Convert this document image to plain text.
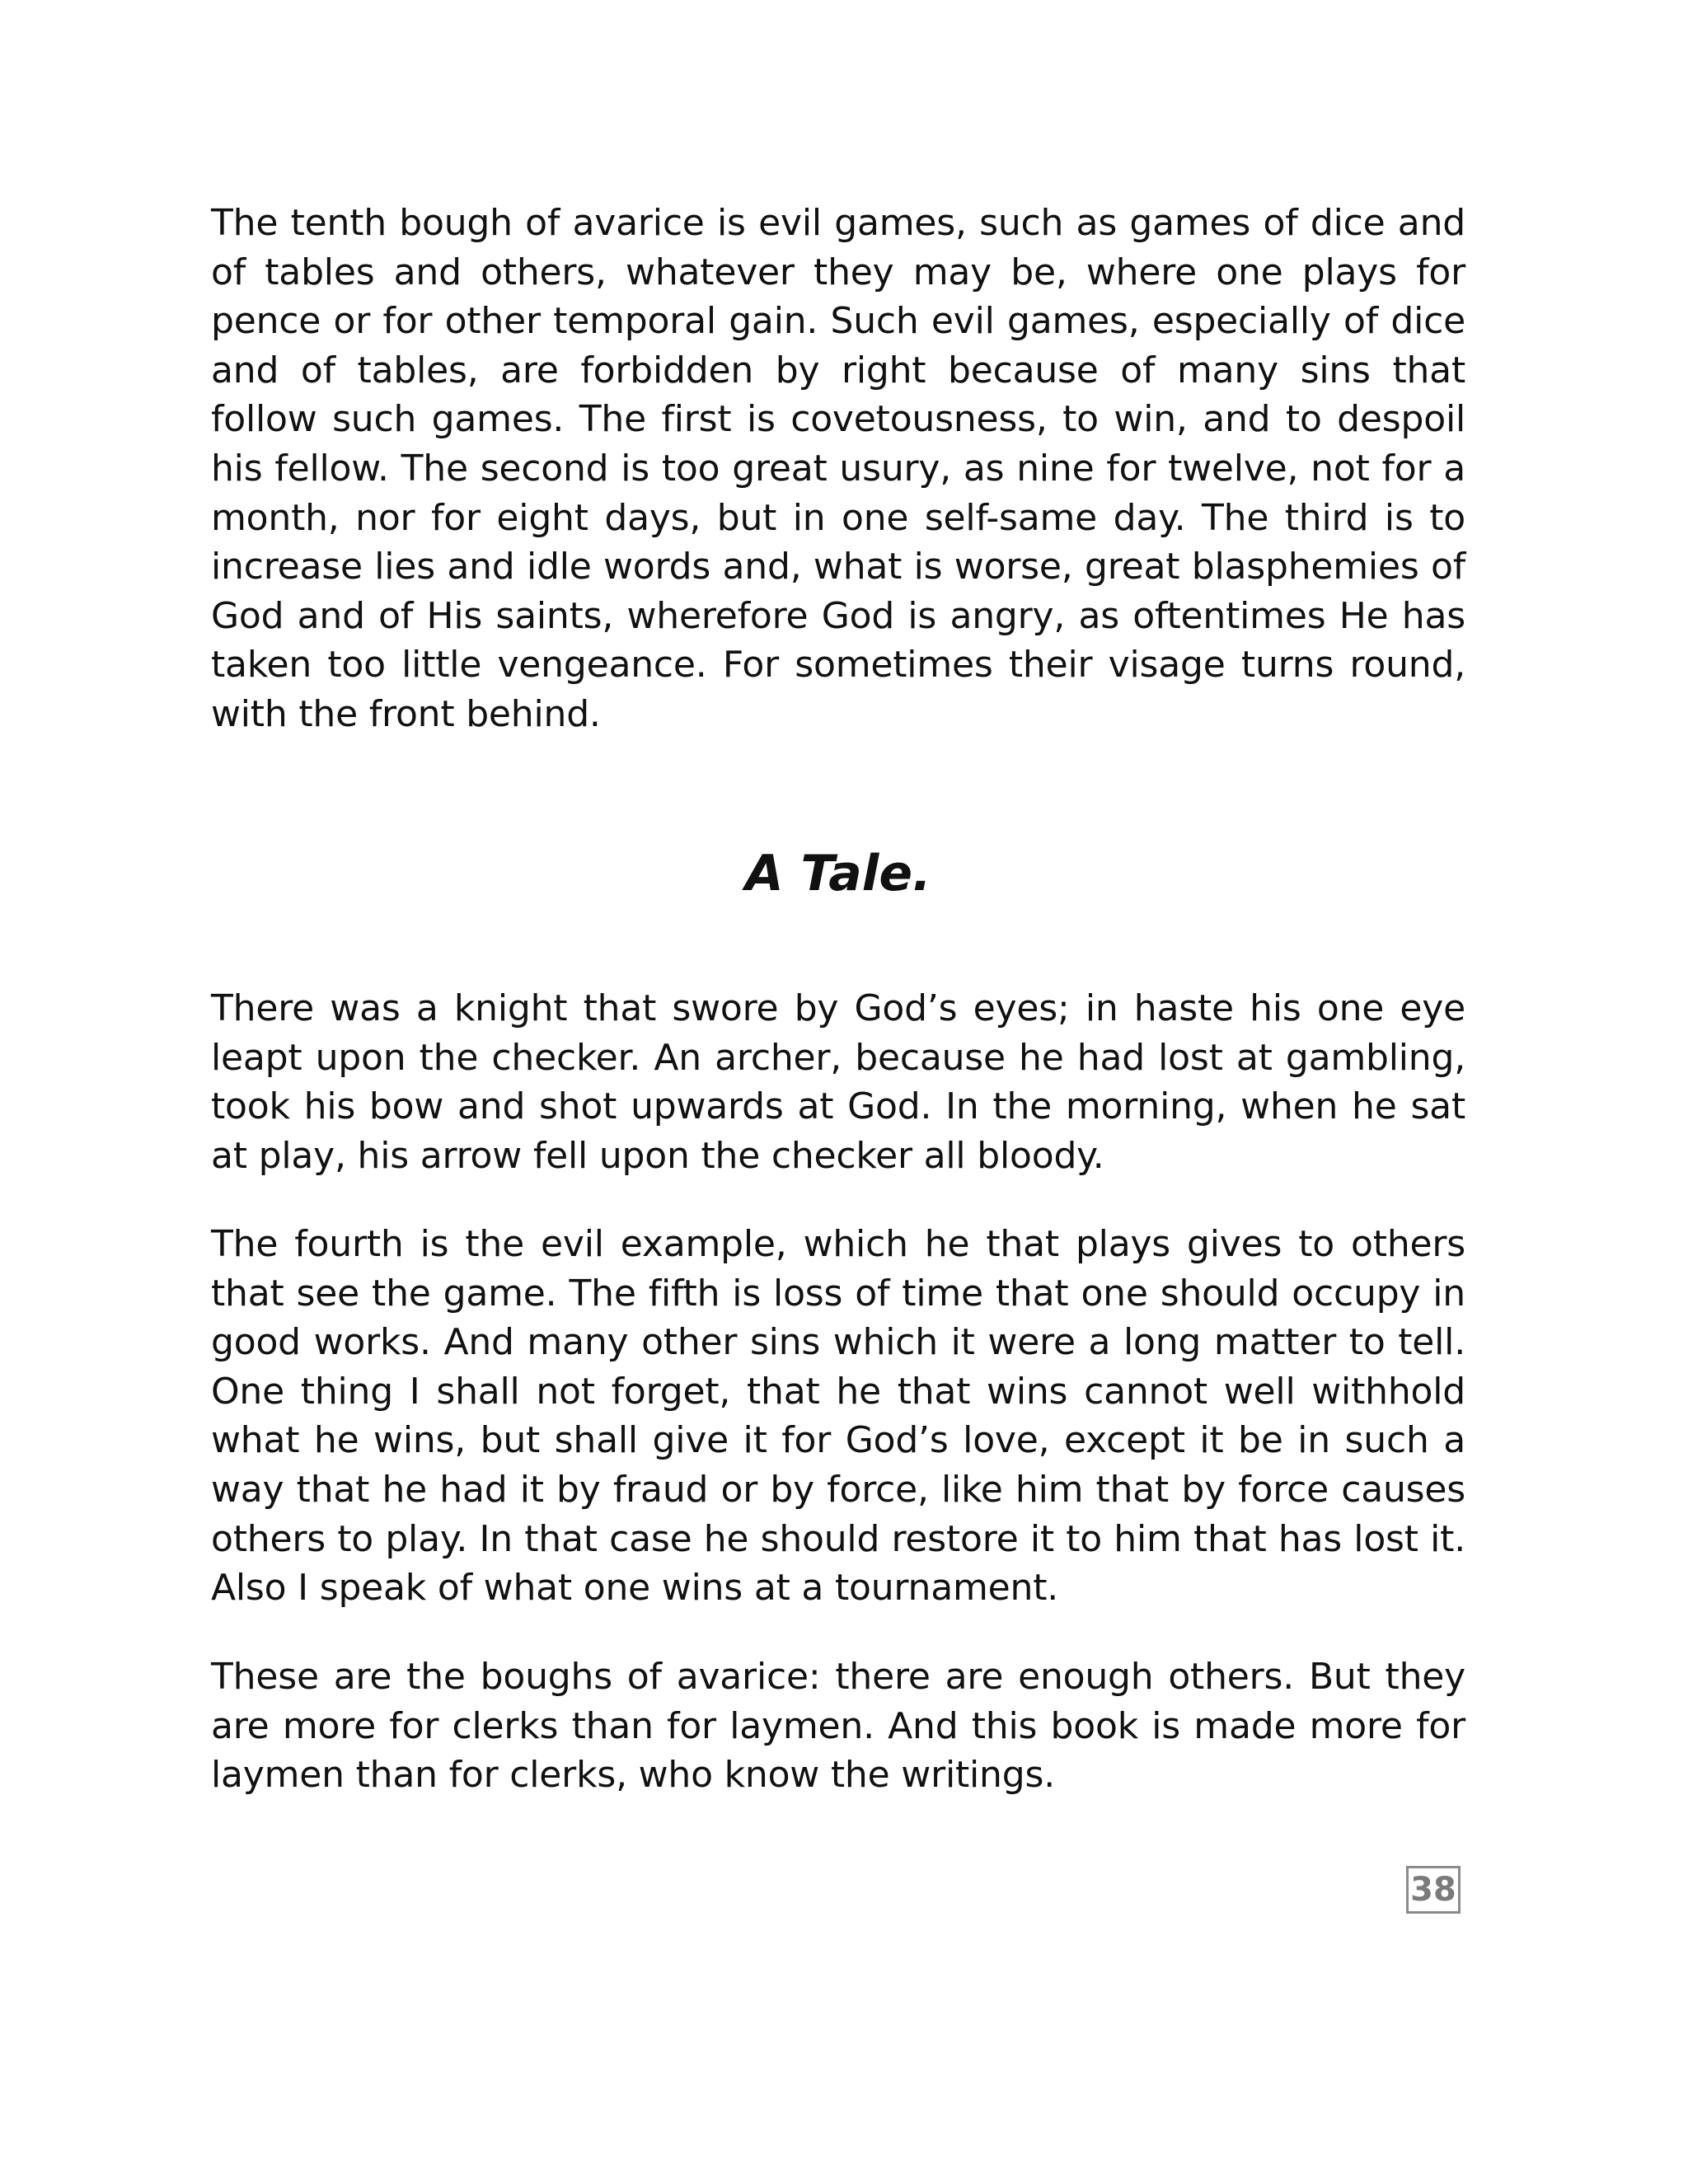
The tenth bough of avarice is evil games, such as games of dice and of tables and others, whatever they may be, where one plays for pence or for other temporal gain. Such evil games, especially of dice and of tables, are forbidden by right because of many sins that follow such games. The first is covetousness, to win, and to despoil his fellow. The second is too great usury, as nine for twelve, not for a month, nor for eight days, but in one self-same day. The third is to increase lies and idle words and, what is worse, great blasphemies of God and of His saints, wherefore God is angry, as oftentimes He has taken too little vengeance. For sometimes their visage turns round, with the front behind.

A Tale.

There was a knight that swore by God’s eyes; in haste his one eye leapt upon the checker. An archer, because he had lost at gambling, took his bow and shot upwards at God. In the morning, when he sat at play, his arrow fell upon the checker all bloody.

The fourth is the evil example, which he that plays gives to others that see the game. The fifth is loss of time that one should occupy in good works. And many other sins which it were a long matter to tell. One thing I shall not forget, that he that wins cannot well withhold what he wins, but shall give it for God’s love, except it be in such a way that he had it by fraud or by force, like him that by force causes others to play. In that case he should restore it to him that has lost it. Also I speak of what one wins at a tournament.

These are the boughs of avarice: there are enough others. But they are more for clerks than for laymen. And this book is made more for laymen than for clerks, who know the writings.

38
